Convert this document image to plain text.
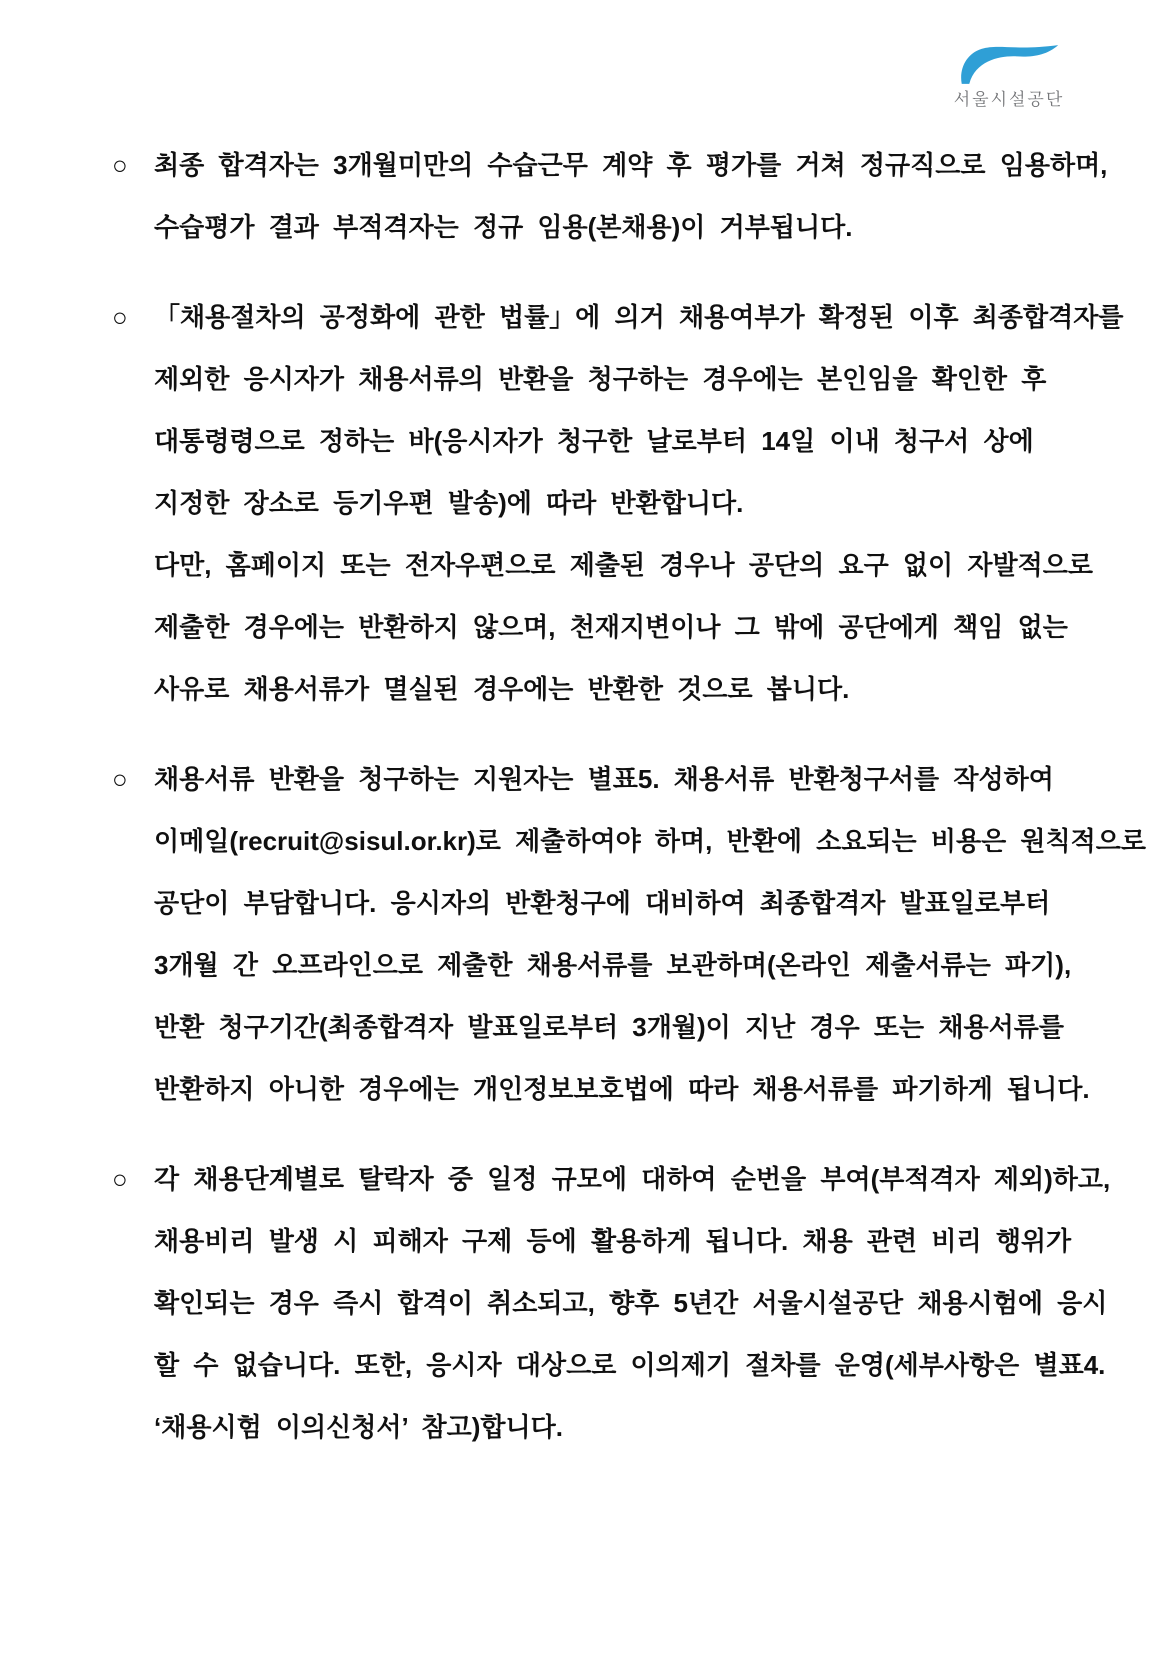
서울시설공단
○	최종 합격자는 3개월미만의 수습근무 계약 후 평가를 거쳐 정규직으로 임용하며,
수습평가 결과 부적격자는 정규 임용(본채용)이 거부됩니다.
○	「채용절차의 공정화에 관한 법률」에 의거 채용여부가 확정된 이후 최종합격자를
제외한 응시자가 채용서류의 반환을 청구하는 경우에는 본인임을 확인한 후
대통령령으로 정하는 바(응시자가 청구한 날로부터 14일 이내 청구서 상에
지정한 장소로 등기우편 발송)에 따라 반환합니다.
다만, 홈페이지 또는 전자우편으로 제출된 경우나 공단의 요구 없이 자발적으로
제출한 경우에는 반환하지 않으며, 천재지변이나 그 밖에 공단에게 책임 없는
사유로 채용서류가 멸실된 경우에는 반환한 것으로 봅니다.
○	채용서류 반환을 청구하는 지원자는 별표5. 채용서류 반환청구서를 작성하여
이메일(recruit@sisul.or.kr)로 제출하여야 하며, 반환에 소요되는 비용은 원칙적으로
공단이 부담합니다. 응시자의 반환청구에 대비하여 최종합격자 발표일로부터
3개월 간 오프라인으로 제출한 채용서류를 보관하며(온라인 제출서류는 파기),
반환 청구기간(최종합격자 발표일로부터 3개월)이 지난 경우 또는 채용서류를
반환하지 아니한 경우에는 개인정보보호법에 따라 채용서류를 파기하게 됩니다.
○	각 채용단계별로 탈락자 중 일정 규모에 대하여 순번을 부여(부적격자 제외)하고,
채용비리 발생 시 피해자 구제 등에 활용하게 됩니다. 채용 관련 비리 행위가
확인되는 경우 즉시 합격이 취소되고, 향후 5년간 서울시설공단 채용시험에 응시
할 수 없습니다. 또한, 응시자 대상으로 이의제기 절차를 운영(세부사항은 별표4.
‘채용시험 이의신청서’ 참고)합니다.
